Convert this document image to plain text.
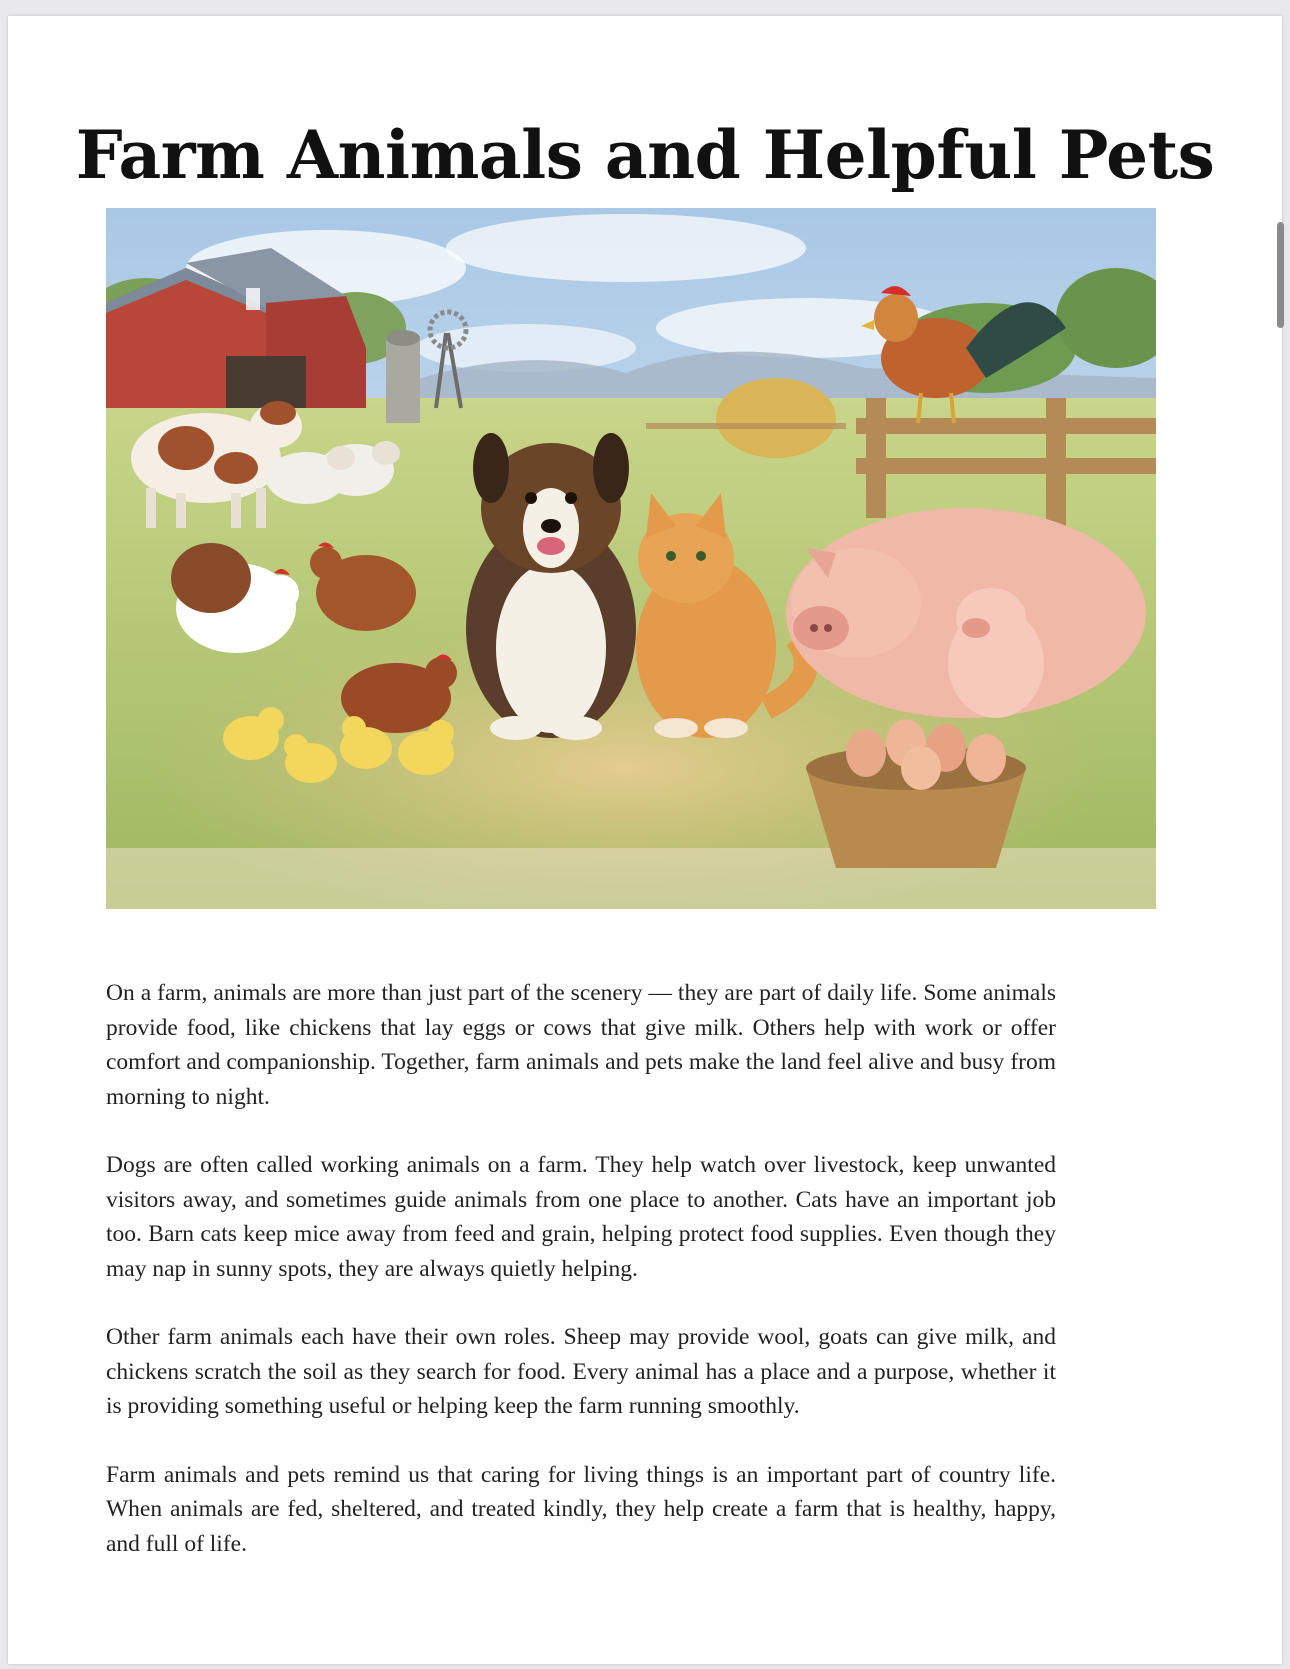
Farm Animals and Helpful Pets

On a farm, animals are more than just part of the scenery — they are part of daily life. Some animals provide food, like chickens that lay eggs or cows that give milk. Others help with work or offer comfort and companionship. Together, farm animals and pets make the land feel alive and busy from morning to night.

Dogs are often called working animals on a farm. They help watch over livestock, keep unwanted visitors away, and sometimes guide animals from one place to another. Cats have an important job too. Barn cats keep mice away from feed and grain, helping protect food supplies. Even though they may nap in sunny spots, they are always quietly helping.

Other farm animals each have their own roles. Sheep may provide wool, goats can give milk, and chickens scratch the soil as they search for food. Every animal has a place and a purpose, whether it is providing something useful or helping keep the farm running smoothly.

Farm animals and pets remind us that caring for living things is an important part of country life. When animals are fed, sheltered, and treated kindly, they help create a farm that is healthy, happy, and full of life.
